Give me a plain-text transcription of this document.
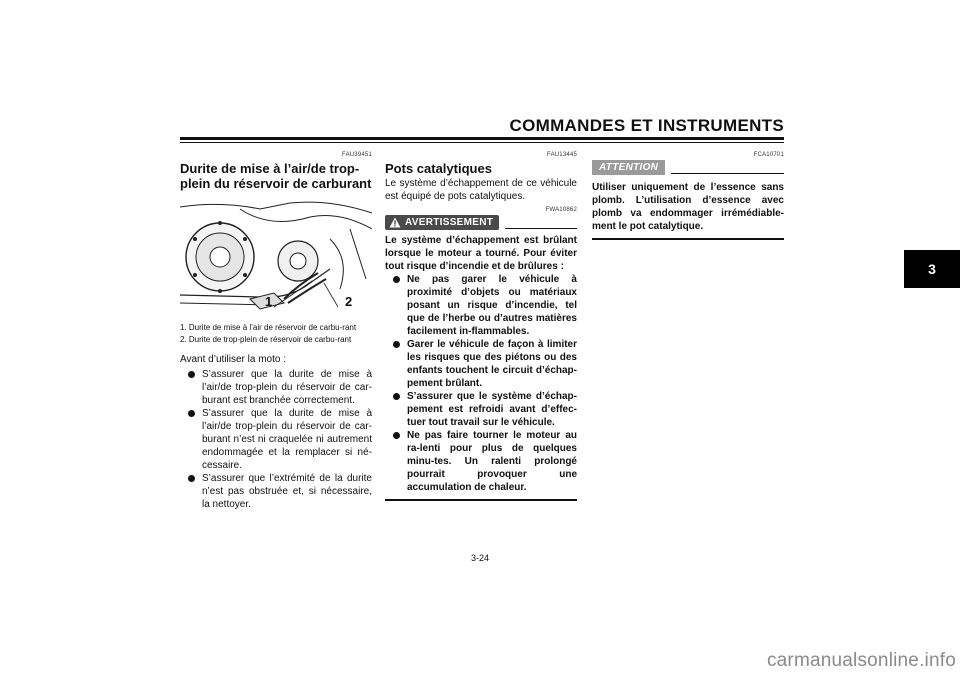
COMMANDES ET INSTRUMENTS
3
FAU39451
Durite de mise à l’air/de trop-plein du réservoir de carburant
1	2
1. Durite de mise à l’air de réservoir de carbu-rant
2. Durite de trop-plein de réservoir de carbu-rant
Avant d’utiliser la moto :
S’assurer que la durite de mise à l’air/de trop-plein du réservoir de car-burant est branchée correctement.
S’assurer que la durite de mise à l’air/de trop-plein du réservoir de car-burant n’est ni craquelée ni autrement endommagée et la remplacer si né-cessaire.
S’assurer que l’extrémité de la durite n’est pas obstruée et, si nécessaire, la nettoyer.
FAU13445
Pots catalytiques
Le système d’échappement de ce véhicule est équipé de pots catalytiques.
FWA10862
AVERTISSEMENT
Le système d’échappement est brûlant lorsque le moteur a tourné. Pour éviter tout risque d’incendie et de brûlures :
Ne pas garer le véhicule à proximité d’objets ou matériaux posant un risque d’incendie, tel que de l’herbe ou d’autres matières facilement in-flammables.
Garer le véhicule de façon à limiter les risques que des piétons ou des enfants touchent le circuit d’échap-pement brûlant.
S’assurer que le système d’échap-pement est refroidi avant d’effec-tuer tout travail sur le véhicule.
Ne pas faire tourner le moteur au ra-lenti pour plus de quelques minu-tes. Un ralenti prolongé pourrait provoquer une accumulation de chaleur.
FCA10701
ATTENTION
Utiliser uniquement de l’essence sans plomb. L’utilisation d’essence avec plomb va endommager irrémédiable-ment le pot catalytique.
3-24
carmanualsonline.info
